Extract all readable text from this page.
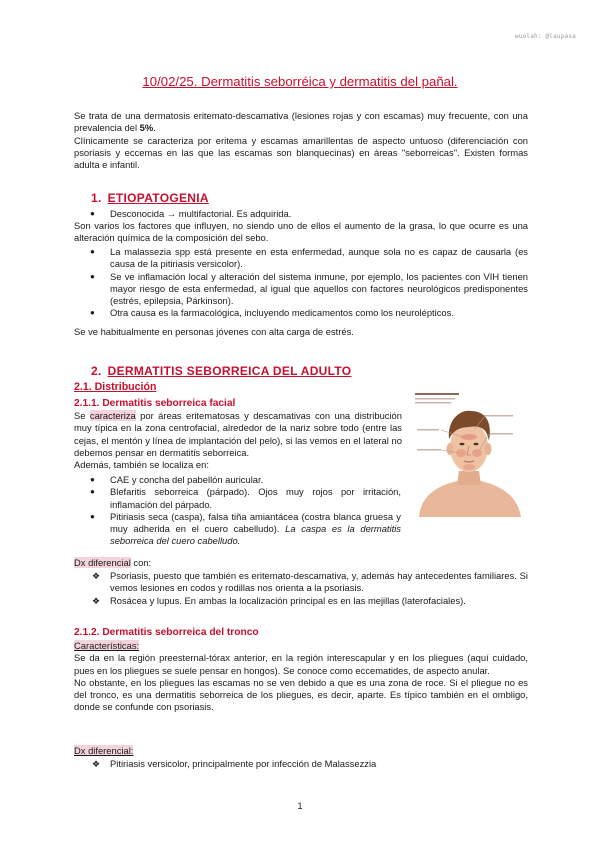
wuolah: @laupasa
10/02/25. Dermatitis seborréica y dermatitis del pañal.

Se trata de una dermatosis eritemato-descamativa (lesiones rojas y con escamas) muy frecuente, con una prevalencia del 5%.

Clínicamente se caracteriza por eritema y escamas amarillentas de aspecto untuoso (diferenciación con psoriasis y eccemas en las que las escamas son blanquecinas) en áreas "seborreicas". Existen formas adulta e infantil.

1. ETIOPATOGENIA
● Desconocida → multifactorial. Es adquirida.

Son varios los factores que influyen, no siendo uno de ellos el aumento de la grasa, lo que ocurre es una alteración química de la composición del sebo.

● La malassezia spp está presente en esta enfermedad, aunque sola no es capaz de causarla (es causa de la pitiriasis versicolor).
● Se ve inflamación local y alteración del sistema inmune, por ejemplo, los pacientes con VIH tienen mayor riesgo de esta enfermedad, al igual que aquellos con factores neurológicos predisponentes (estrés, epilepsia, Párkinson).
● Otra causa es la farmacológica, incluyendo medicamentos como los neurolépticos.

Se ve habitualmente en personas jóvenes con alta carga de estrés.

2. DERMATITIS SEBORREICA DEL ADULTO
2.1. Distribución
2.1.1. Dermatitis seborreica facial

Se caracteriza por áreas eritematosas y descamativas con una distribución muy típica en la zona centrofacial, alrededor de la nariz sobre todo (entre las cejas, el mentón y línea de implantación del pelo), si las vemos en el lateral no debemos pensar en dermatitis seborreica.

Además, también se localiza en:

● CAE y concha del pabellón auricular.
● Blefaritis seborreica (párpado). Ojos muy rojos por irritación, inflamación del párpado.
● Pitiriasis seca (caspa), falsa tiña amiantácea (costra blanca gruesa y muy adherida en el cuero cabelludo). La caspa es la dermatitis seborreica del cuero cabelludo.

Dx diferencial con:

❖ Psoriasis, puesto que también es eritemato-descamativa, y, además hay antecedentes familiares. Si vemos lesiones en codos y rodillas nos orienta a la psoriasis.
❖ Rosácea y lupus. En ambas la localización principal es en las mejillas (laterofaciales).
2.1.2. Dermatitis seborreica del tronco

Características:

Se da en la región preesternal-tórax anterior, en la región interescapular y en los pliegues (aquí cuidado, pues en los pliegues se suele pensar en hongos). Se conoce como eccematides, de aspecto anular.

No obstante, en los pliegues las escamas no se ven debido a que es una zona de roce. Si el pliegue no es del tronco, es una dermatitis seborreica de los pliegues, es decir, aparte. Es típico también en el ombligo, donde se confunde con psoriasis.

Dx diferencial:

❖ Pitiriasis versicolor, principalmente por infección de Malassezzia
1
